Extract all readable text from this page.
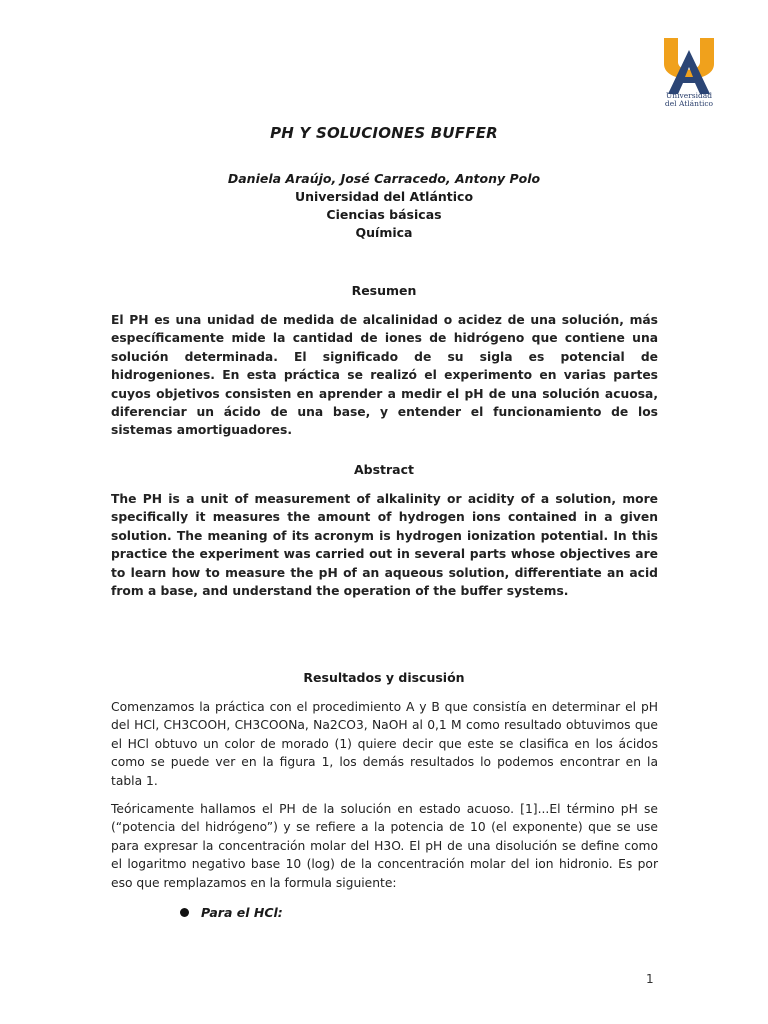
Universidad
del Atlántico
PH Y SOLUCIONES BUFFER
Daniela Araújo, José Carracedo, Antony Polo
Universidad del Atlántico
Ciencias básicas
Química
Resumen
El PH es una unidad de medida de alcalinidad o acidez de una solución, más específicamente mide la cantidad de iones de hidrógeno que contiene una solución determinada. El significado de su sigla es potencial de hidrogeniones. En esta práctica se realizó el experimento en varias partes cuyos objetivos consisten en aprender a medir el pH de una solución acuosa, diferenciar un ácido de una base, y entender el funcionamiento de los sistemas amortiguadores.
Abstract
The PH is a unit of measurement of alkalinity or acidity of a solution, more specifically it measures the amount of hydrogen ions contained in a given solution. The meaning of its acronym is hydrogen ionization potential. In this practice the experiment was carried out in several parts whose objectives are to learn how to measure the pH of an aqueous solution, differentiate an acid from a base, and understand the operation of the buffer systems.
Resultados y discusión
Comenzamos la práctica con el procedimiento A y B que consistía en determinar el pH del HCl, CH3COOH, CH3COONa, Na2CO3, NaOH al 0,1 M como resultado obtuvimos que el HCl obtuvo un color de morado (1) quiere decir que este se clasifica en los ácidos como se puede ver en la figura 1, los demás resultados lo podemos encontrar en la tabla 1.
Teóricamente hallamos el PH de la solución en estado acuoso. [1]...El término pH se (“potencia del hidrógeno”) y se refiere a la potencia de 10 (el exponente) que se use para expresar la concentración molar del H3O. El pH de una disolución se define como el logaritmo negativo base 10 (log) de la concentración molar del ion hidronio. Es por eso que remplazamos en la formula siguiente:
Para el HCl:
1
